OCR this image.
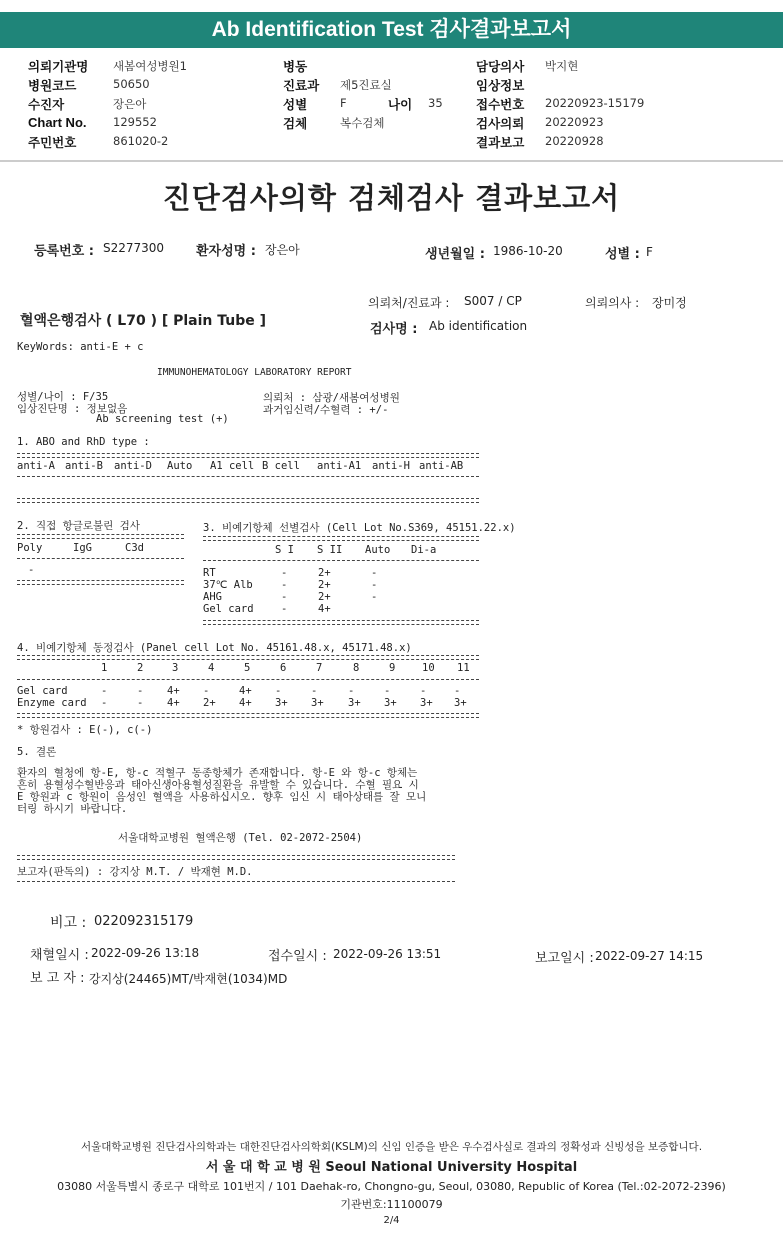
Ab Identification Test 검사결과보고서
의뢰기관명 새봄여성병원1	병동	담당의사 박지현
병원코드	50650	진료과 제5진료실	임상정보
수진자	장은아	성별	F	나이 35	접수번호 20220923-15179
Chart No. 129552	검체	복수검체	검사의뢰 20220923
주민번호	861020-2	결과보고 20220928
진단검사의학 검체검사 결과보고서
등록번호 : S2277300 환자성명 : 장은아	생년월일 : 1986-10-20	성별 : F
의뢰처/진료과 : S007 / CP	의뢰의사 : 장미정
혈액은행검사 ( L70 ) [ Plain Tube ]
검사명 : Ab identification
KeyWords: anti-E + c
IMMUNOHEMATOLOGY LABORATORY REPORT
성별/나이 : F/35
임상진단명 : 정보없음
Ab screening test (+)
의뢰처 : 삼광/새봄여성병원
과거임신력/수혈력 : +/-
1. ABO and RhD type :
anti-A anti-B anti-D Auto A1 cell B cell anti-A1 anti-H anti-AB
2. 직접 항글로불린 검사
Poly	IgG	C3d
-
3. 비예기항체 선별검사 (Cell Lot No.S369, 45151.22.x)
S I S II Auto Di-a
RT	-	2+	-
37℃ Alb	-	2+	-
AHG	-	2+	-
Gel card	-	4+
4. 비예기항체 동정검사 (Panel cell Lot No. 45161.48.x, 45171.48.x)
1	2	3	4	5	6	7	8	9	10 11
Gel card	-	- 4+ -	4+ -	-	-	-	-	-
Enzyme card -	- 4+ 2+ 4+ 3+ 3+ 3+ 3+ 3+ 3+
* 항원검사 : E(-), c(-)
5. 결론
환자의 혈청에 항-E, 항-c 적혈구 동종항체가 존재합니다. 항-E 와 항-c 항체는
흔히 용혈성수혈반응과 태아신생아용혈성질환을 유발할 수 있습니다. 수혈 필요 시
E 항원과 c 항원이 음성인 혈액을 사용하십시오. 향후 임신 시 태아상태를 잘 모니
터링 하시기 바랍니다.
서울대학교병원 혈액은행 (Tel. 02-2072-2504)
보고자(판독의) : 강지상 M.T. / 박재현 M.D.
비고 : 022092315179
채혈일시 : 2022-09-26 13:18	접수일시 : 2022-09-26 13:51	보고일시 : 2022-09-27 14:15
보 고 자 : 강지상(24465)MT/박재현(1034)MD
서울대학교병원 진단검사의학과는 대한진단검사의학회(KSLM)의 신임 인증을 받은 우수검사실로 결과의 정확성과 신빙성을 보증합니다.
서 울 대 학 교 병 원 Seoul National University Hospital
03080 서울특별시 종로구 대학로 101번지 / 101 Daehak-ro, Chongno-gu, Seoul, 03080, Republic of Korea (Tel.:02-2072-2396)
기관번호:11100079
2/4
